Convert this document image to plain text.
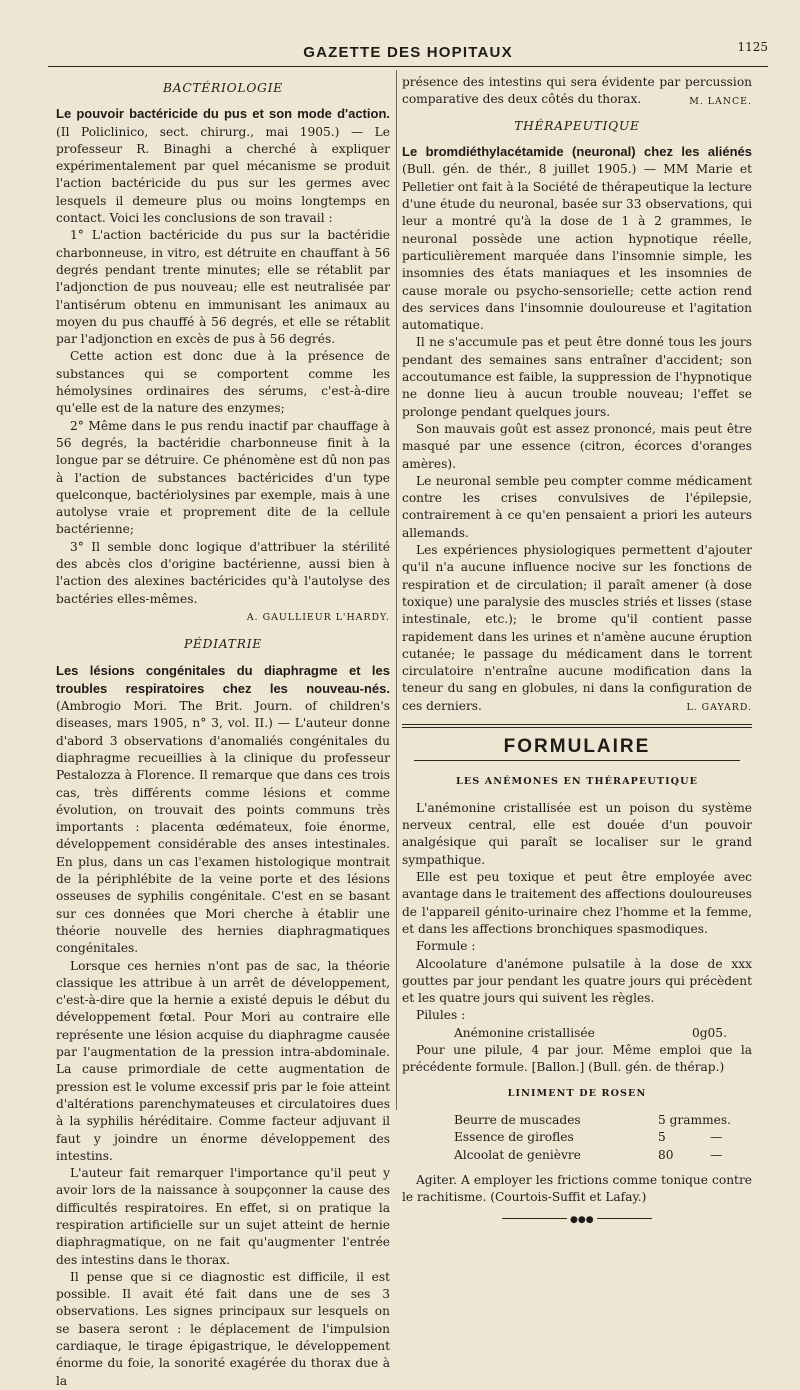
GAZETTE DES HOPITAUX	1125
BACTÉRIOLOGIE

Le pouvoir bactéricide du pus et son mode d'action. (Il Policlinico, sect. chirurg., mai 1905.) — Le professeur R. Binaghi a cherché à expliquer expérimentalement par quel mécanisme se produit l'action bactéricide du pus sur les germes avec lesquels il demeure plus ou moins longtemps en contact. Voici les conclusions de son travail :

1° L'action bactéricide du pus sur la bactéridie charbonneuse, in vitro, est détruite en chauffant à 56 degrés pendant trente minutes; elle se rétablit par l'adjonction de pus nouveau; elle est neutralisée par l'antisérum obtenu en immunisant les animaux au moyen du pus chauffé à 56 degrés, et elle se rétablit par l'adjonction en excès de pus à 56 degrés.

Cette action est donc due à la présence de substances qui se comportent comme les hémolysines ordinaires des sérums, c'est-à-dire qu'elle est de la nature des enzymes;

2° Même dans le pus rendu inactif par chauffage à 56 degrés, la bactéridie charbonneuse finit à la longue par se détruire. Ce phénomène est dû non pas à l'action de substances bactéricides d'un type quelconque, bactériolysines par exemple, mais à une autolyse vraie et proprement dite de la cellule bactérienne;

3° Il semble donc logique d'attribuer la stérilité des abcès clos d'origine bactérienne, aussi bien à l'action des alexines bactéricides qu'à l'autolyse des bactéries elles-mêmes.

A. GAULLIEUR L'HARDY.
PÉDIATRIE

Les lésions congénitales du diaphragme et les troubles respiratoires chez les nouveau-nés. (Ambrogio Mori. The Brit. Journ. of children's diseases, mars 1905, n° 3, vol. II.) — L'auteur donne d'abord 3 observations d'anomaliés congénitales du diaphragme recueillies à la clinique du professeur Pestalozza à Florence. Il remarque que dans ces trois cas, très différents comme lésions et comme évolution, on trouvait des points communs très importants : placenta œdémateux, foie énorme, développement considérable des anses intestinales. En plus, dans un cas l'examen histologique montrait de la périphlébite de la veine porte et des lésions osseuses de syphilis congénitale. C'est en se basant sur ces données que Mori cherche à établir une théorie nouvelle des hernies diaphragmatiques congénitales.

Lorsque ces hernies n'ont pas de sac, la théorie classique les attribue à un arrêt de développement, c'est-à-dire que la hernie a existé depuis le début du développement fœtal. Pour Mori au contraire elle représente une lésion acquise du diaphragme causée par l'augmentation de la pression intra-abdominale. La cause primordiale de cette augmentation de pression est le volume excessif pris par le foie atteint d'altérations parenchymateuses et circulatoires dues à la syphilis héréditaire. Comme facteur adjuvant il faut y joindre un énorme développement des intestins.

L'auteur fait remarquer l'importance qu'il peut y avoir lors de la naissance à soupçonner la cause des difficultés respiratoires. En effet, si on pratique la respiration artificielle sur un sujet atteint de hernie diaphragmatique, on ne fait qu'augmenter l'entrée des intestins dans le thorax.

Il pense que si ce diagnostic est difficile, il est possible. Il avait été fait dans une de ses 3 observations. Les signes principaux sur lesquels on se basera seront : le déplacement de l'impulsion cardiaque, le tirage épigastrique, le développement énorme du foie, la sonorité exagérée du thorax due à la

présence des intestins qui sera évidente par percussion comparative des deux côtés du thorax.	M. LANCE.
THÉRAPEUTIQUE

Le bromdiéthylacétamide (neuronal) chez les aliénés (Bull. gén. de thér., 8 juillet 1905.) — MM Marie et Pelletier ont fait à la Société de thérapeutique la lecture d'une étude du neuronal, basée sur 33 observations, qui leur a montré qu'à la dose de 1 à 2 grammes, le neuronal possède une action hypnotique réelle, particulièrement marquée dans l'insomnie simple, les insomnies des états maniaques et les insomnies de cause morale ou psycho-sensorielle; cette action rend des services dans l'insomnie douloureuse et l'agitation automatique.

Il ne s'accumule pas et peut être donné tous les jours pendant des semaines sans entraîner d'accident; son accoutumance est faible, la suppression de l'hypnotique ne donne lieu à aucun trouble nouveau; l'effet se prolonge pendant quelques jours.

Son mauvais goût est assez prononcé, mais peut être masqué par une essence (citron, écorces d'oranges amères).

Le neuronal semble peu compter comme médicament contre les crises convulsives de l'épilepsie, contrairement à ce qu'en pensaient a priori les auteurs allemands.

Les expériences physiologiques permettent d'ajouter qu'il n'a aucune influence nocive sur les fonctions de respiration et de circulation; il paraît amener (à dose toxique) une paralysie des muscles striés et lisses (stase intestinale, etc.); le brome qu'il contient passe rapidement dans les urines et n'amène aucune éruption cutanée; le passage du médicament dans le torrent circulatoire n'entraîne aucune modification dans la teneur du sang en globules, ni dans la configuration de ces derniers.	L. GAYARD.
FORMULAIRE
LES ANÉMONES EN THÉRAPEUTIQUE

L'anémonine cristallisée est un poison du système nerveux central, elle est douée d'un pouvoir analgésique qui paraît se localiser sur le grand sympathique.

Elle est peu toxique et peut être employée avec avantage dans le traitement des affections douloureuses de l'appareil génito-urinaire chez l'homme et la femme, et dans les affections bronchiques spasmodiques.

Formule :

Alcoolature d'anémone pulsatile à la dose de xxx gouttes par jour pendant les quatre jours qui précèdent et les quatre jours qui suivent les règles.

Pilules :

Anémonine cristallisée	0g05.

Pour une pilule, 4 par jour. Même emploi que la précédente formule. [Ballon.] (Bull. gén. de thérap.)

LINIMENT DE ROSEN
Beurre de muscades	5 grammes.
Essence de girofles	5	—
Alcoolat de genièvre	80	—

Agiter. A employer les frictions comme tonique contre le rachitisme. (Courtois-Suffit et Lafay.)

●●●
